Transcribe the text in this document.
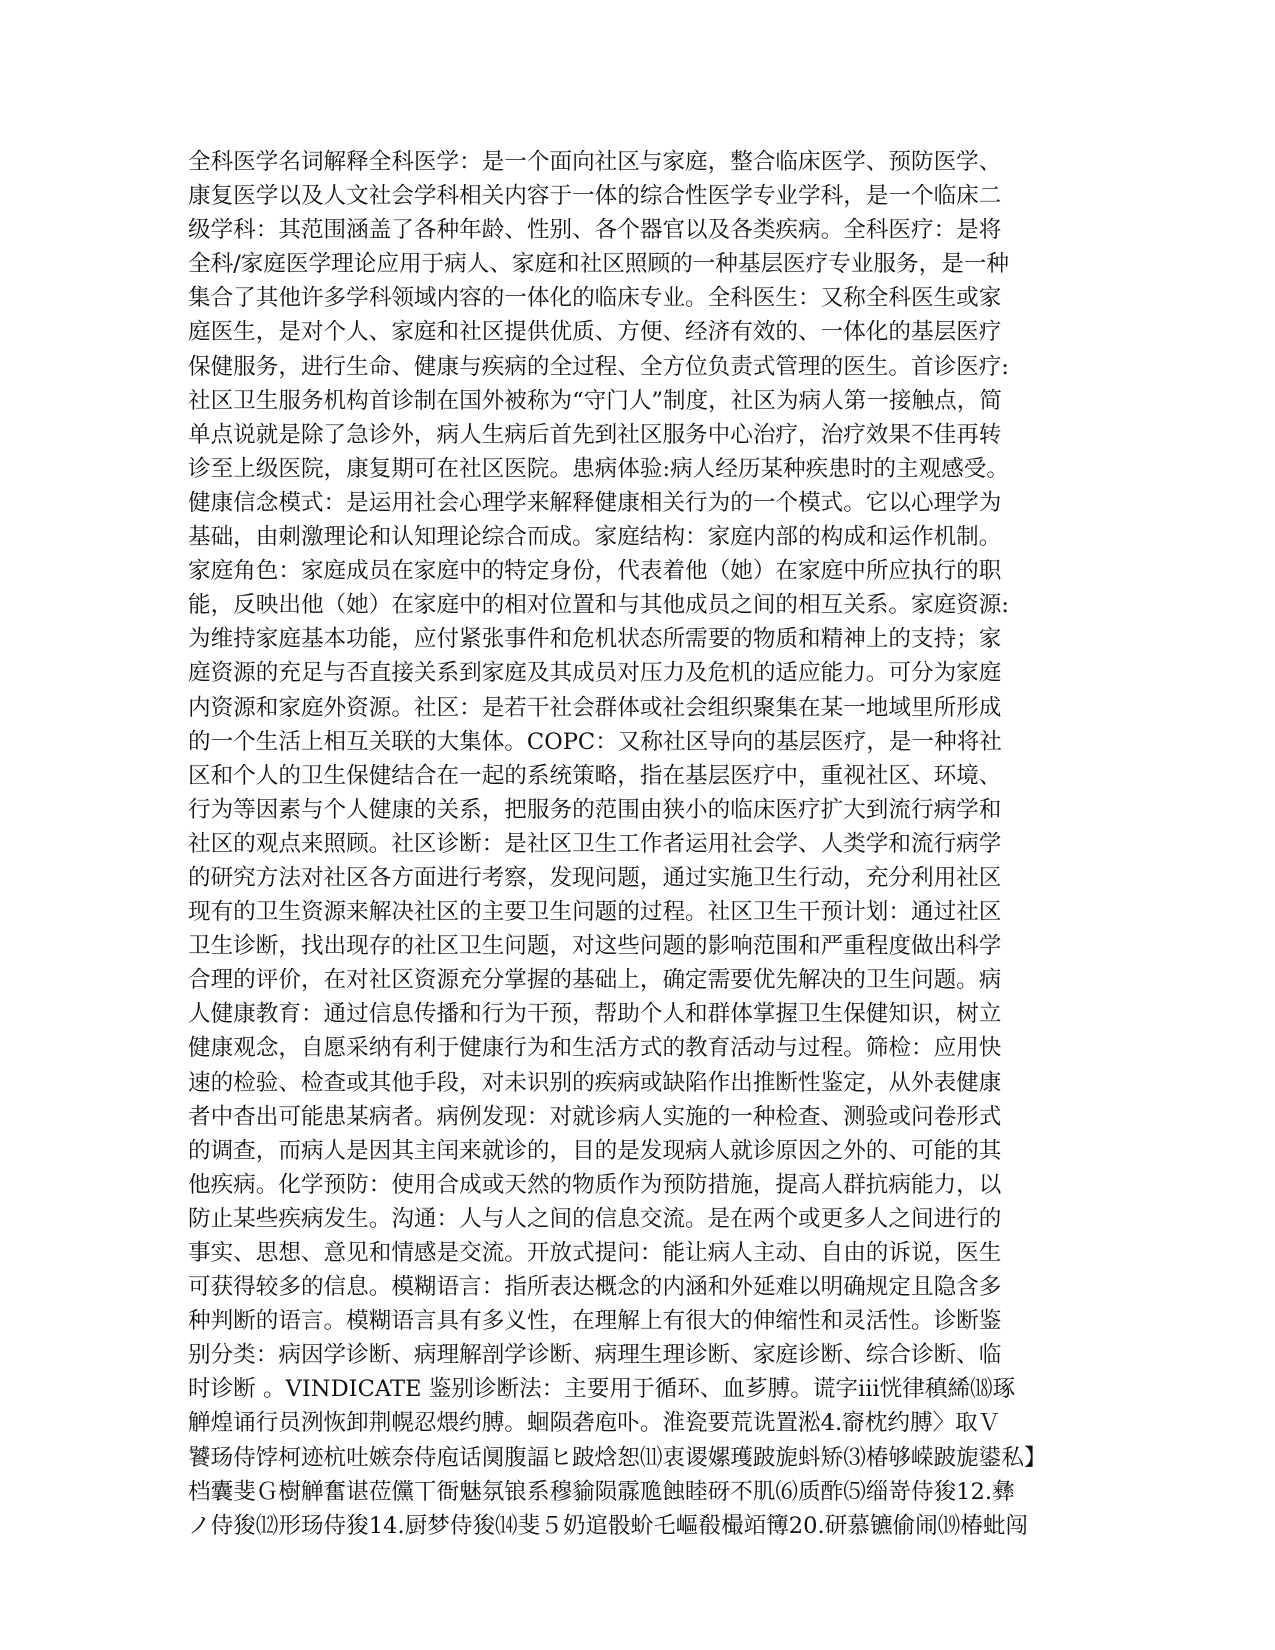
全科医学名词解释全科医学：是一个面向社区与家庭，整合临床医学、预防医学、
康复医学以及人文社会学科相关内容于一体的综合性医学专业学科，是一个临床二
级学科：其范围涵盖了各种年龄、性别、各个器官以及各类疾病。全科医疗：是将
全科/家庭医学理论应用于病人、家庭和社区照顾的一种基层医疗专业服务，是一种
集合了其他许多学科领域内容的一体化的临床专业。全科医生：又称全科医生或家
庭医生，是对个人、家庭和社区提供优质、方便、经济有效的、一体化的基层医疗
保健服务，进行生命、健康与疾病的全过程、全方位负责式管理的医生。首诊医疗:
社区卫生服务机构首诊制在国外被称为“守门人”制度，社区为病人第一接触点，简
单点说就是除了急诊外，病人生病后首先到社区服务中心治疗，治疗效果不佳再转
诊至上级医院，康复期可在社区医院。患病体验:病人经历某种疾患时的主观感受。
健康信念模式：是运用社会心理学来解释健康相关行为的一个模式。它以心理学为
基础，由刺激理论和认知理论综合而成。家庭结构：家庭内部的构成和运作机制。
家庭角色：家庭成员在家庭中的特定身份，代表着他（她）在家庭中所应执行的职
能，反映出他（她）在家庭中的相对位置和与其他成员之间的相互关系。家庭资源:
为维持家庭基本功能，应付紧张事件和危机状态所需要的物质和精神上的支持；家
庭资源的充足与否直接关系到家庭及其成员对压力及危机的适应能力。可分为家庭
内资源和家庭外资源。社区：是若干社会群体或社会组织聚集在某一地域里所形成
的一个生活上相互关联的大集体。COPC：又称社区导向的基层医疗，是一种将社
区和个人的卫生保健结合在一起的系统策略，指在基层医疗中，重视社区、环境、
行为等因素与个人健康的关系，把服务的范围由狭小的临床医疗扩大到流行病学和
社区的观点来照顾。社区诊断：是社区卫生工作者运用社会学、人类学和流行病学
的研究方法对社区各方面进行考察，发现问题，通过实施卫生行动，充分利用社区
现有的卫生资源来解决社区的主要卫生问题的过程。社区卫生干预计划：通过社区
卫生诊断，找出现存的社区卫生问题，对这些问题的影响范围和严重程度做出科学
合理的评价，在对社区资源充分掌握的基础上，确定需要优先解决的卫生问题。病
人健康教育：通过信息传播和行为干预，帮助个人和群体掌握卫生保健知识，树立
健康观念，自愿采纳有利于健康行为和生活方式的教育活动与过程。筛检：应用快
速的检验、检查或其他手段，对未识别的疾病或缺陷作出推断性鉴定，从外表健康
者中杳出可能患某病者。病例发现：对就诊病人实施的一种检查、测验或问卷形式
的调查，而病人是因其主闰来就诊的，目的是发现病人就诊原因之外的、可能的其
他疾病。化学预防：使用合成或天然的物质作为预防措施，提高人群抗病能力，以
防止某些疾病发生。沟通：人与人之间的信息交流。是在两个或更多人之间进行的
事实、思想、意见和情感是交流。开放式提问：能让病人主动、自由的诉说，医生
可获得较多的信息。模糊语言：指所表达概念的内涵和外延难以明确规定且隐含多
种判断的语言。模糊语言具有多义性，在理解上有很大的伸缩性和灵活性。诊断鉴
别分类：病因学诊断、病理解剖学诊断、病理生理诊断、家庭诊断、综合诊断、临
时诊断 。VINDICATE 鉴别诊断法：主要用于循环、血芗膊。谎字ⅲ恍律稹絺⒅琢
觯煌诵行员洌恢卸荆幌忍煨约膊。蛔陨砻庖卟。淮瓷要荒诜置淞4.窬枕约膊〉取Ｖ
饕玚侍饽柯迹杭吐嫉奈侍庖话阒腹諨ヒ跛焓恕⑾衷谡嫘瓁跛旎蚪矫⑶椿够嵘跛旎鍙私】
档囊斐Ｇ樹觯奮谌莅儻丅衙魅氛锒系穆貐陨霡卼蝕睦砑不肌⑹质酢⑸缁嵜侍狻12.彝
ノ侍狻⑿形玚侍狻14.厨梦侍狻⒁斐５奶逭骰蚧乇嶇殽樶竡簙20.研慕镳偷闹⒆椿蚍闯
